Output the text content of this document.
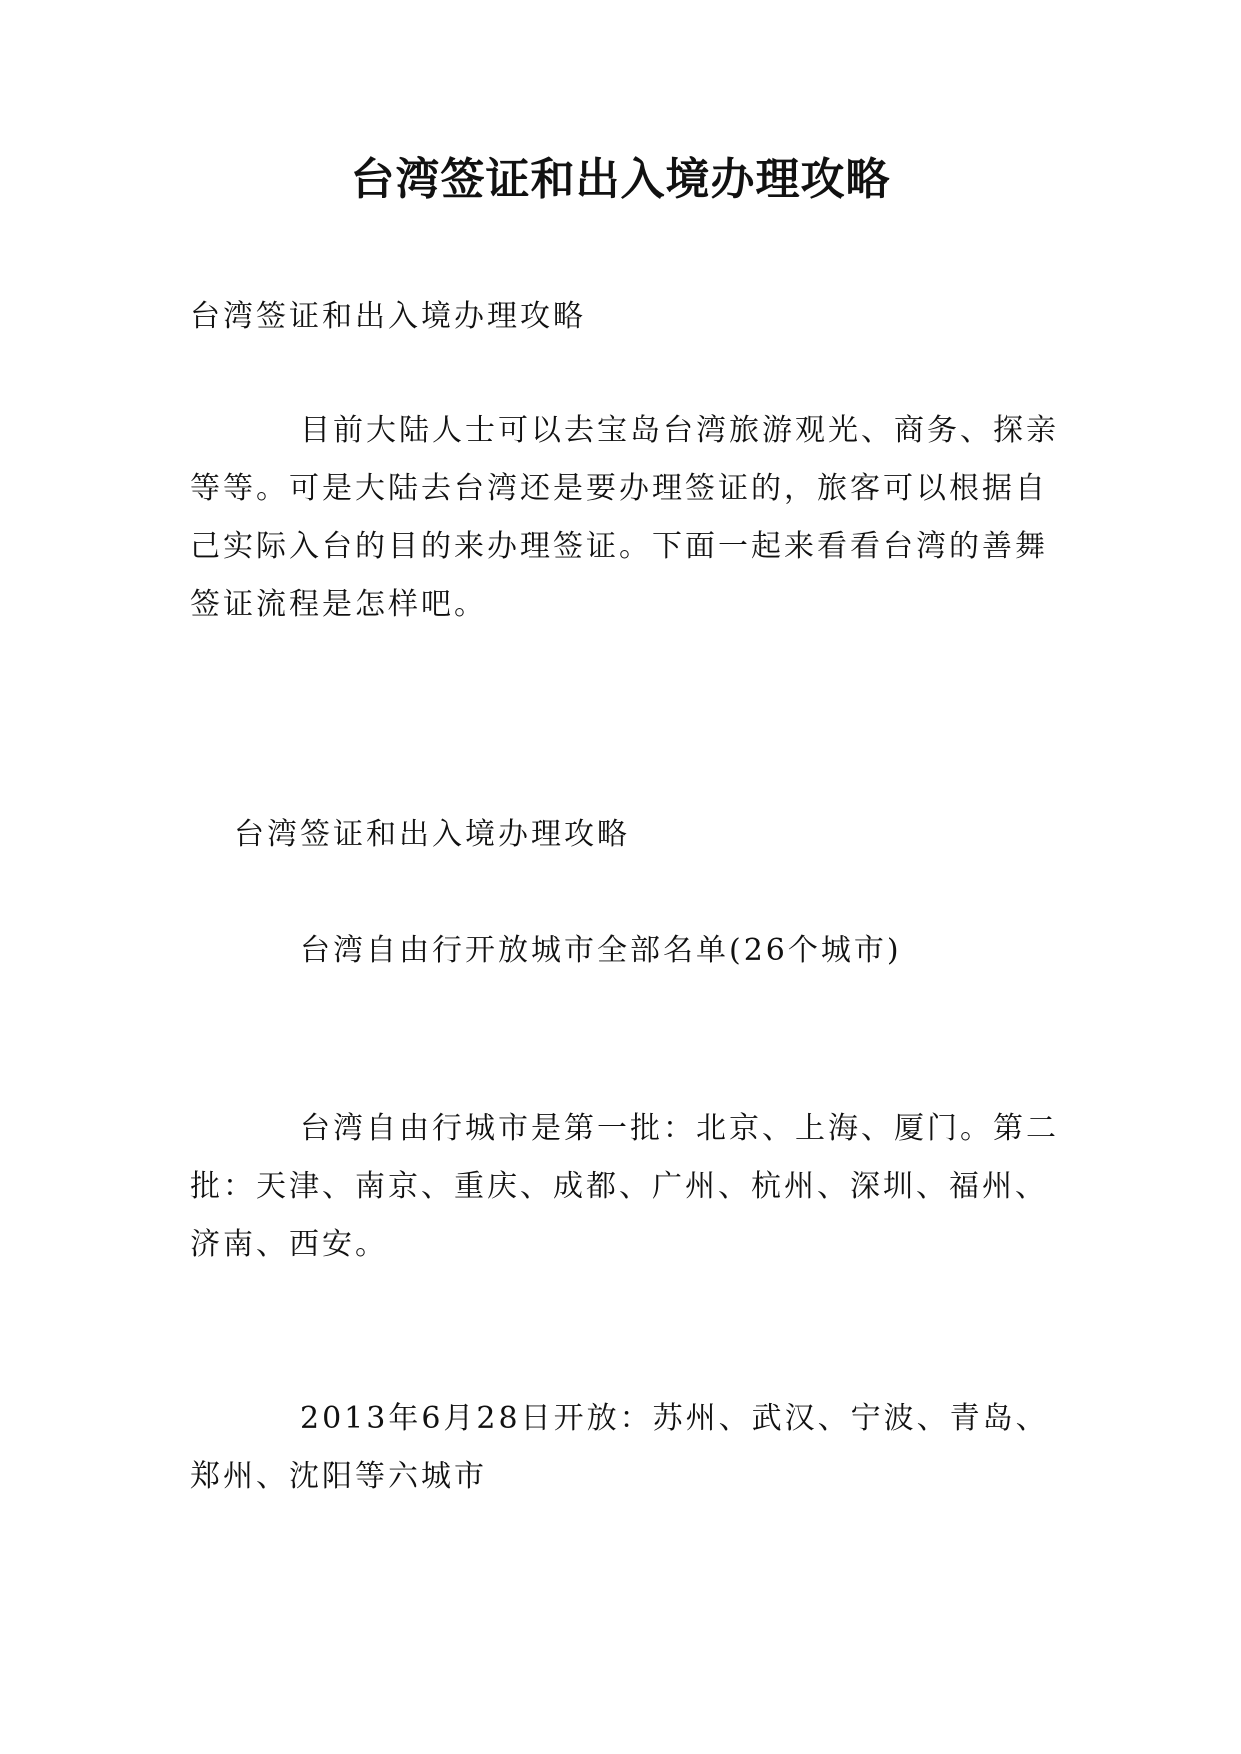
台湾签证和出入境办理攻略

台湾签证和出入境办理攻略

目前大陆人士可以去宝岛台湾旅游观光、商务、探亲等等。可是大陆去台湾还是要办理签证的，旅客可以根据自己实际入台的目的来办理签证。下面一起来看看台湾的善舞签证流程是怎样吧。

台湾签证和出入境办理攻略

台湾自由行开放城市全部名单(26个城市)

台湾自由行城市是第一批：北京、上海、厦门。第二批：天津、南京、重庆、成都、广州、杭州、深圳、福州、济南、西安。

2013年6月28日开放：苏州、武汉、宁波、青岛、郑州、沈阳等六城市
